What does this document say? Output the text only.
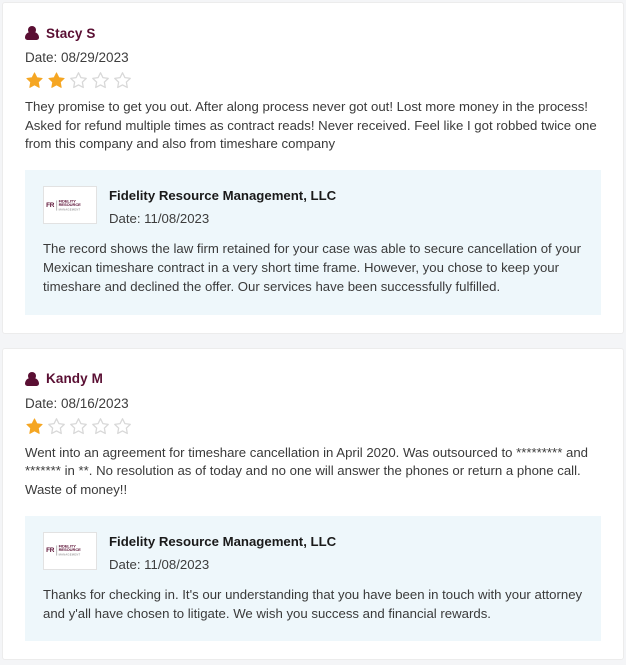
Stacy S
Date: 08/29/2023

They promise to get you out. After along process never got out! Lost more money in the process! Asked for refund multiple times as contract reads! Never received. Feel like I got robbed twice one from this company and also from timeshare company

FR
FIDELITY RESOURCE
MANAGEMENT
Fidelity Resource Management, LLC
Date: 11/08/2023

The record shows the law firm retained for your case was able to secure cancellation of your Mexican timeshare contract in a very short time frame. However, you chose to keep your timeshare and declined the offer. Our services have been successfully fulfilled.

Kandy M
Date: 08/16/2023

Went into an agreement for timeshare cancellation in April 2020. Was outsourced to ********* and ******* in **. No resolution as of today and no one will answer the phones or return a phone call. Waste of money!!

FR
FIDELITY RESOURCE
MANAGEMENT
Fidelity Resource Management, LLC
Date: 11/08/2023

Thanks for checking in. It's our understanding that you have been in touch with your attorney and y'all have chosen to litigate. We wish you success and financial rewards.
